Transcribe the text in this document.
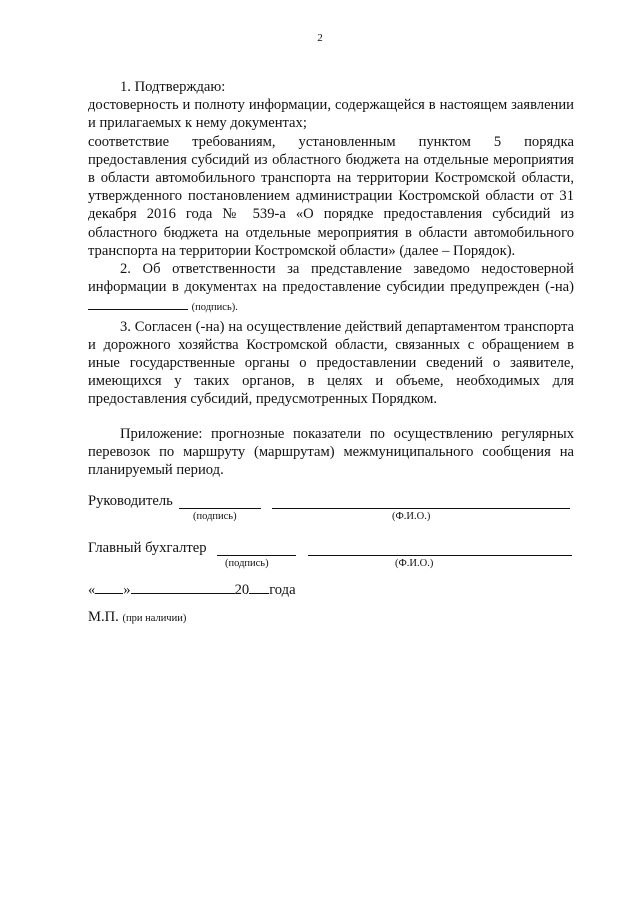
2

1. Подтверждаю:

достоверность и полноту информации, содержащейся в настоящем заявлении и прилагаемых к нему документах;

соответствие требованиям, установленным пунктом 5 порядка предоставления субсидий из областного бюджета на отдельные мероприятия в области автомобильного транспорта на территории Костромской области, утвержденного постановлением администрации Костромской области от 31 декабря 2016 года № 539-а «О порядке предоставления субсидий из областного бюджета на отдельные мероприятия в области автомобильного транспорта на территории Костромской области» (далее – Порядок).

2. Об ответственности за представление заведомо недостоверной информации в документах на предоставление субсидии предупрежден (-на) (подпись).

3. Согласен (-на) на осуществление действий департаментом транспорта и дорожного хозяйства Костромской области, связанных с обращением в иные государственные органы о предоставлении сведений о заявителе, имеющихся у таких органов, в целях и объеме, необходимых для предоставления субсидий, предусмотренных Порядком.

Приложение: прогнозные показатели по осуществлению регулярных перевозок по маршруту (маршрутам) межмуниципального сообщения на планируемый период.

Руководитель
(подпись)	(Ф.И.О.)
Главный бухгалтер
(подпись)	(Ф.И.О.)
« »	20 года
М.П. (при наличии)
